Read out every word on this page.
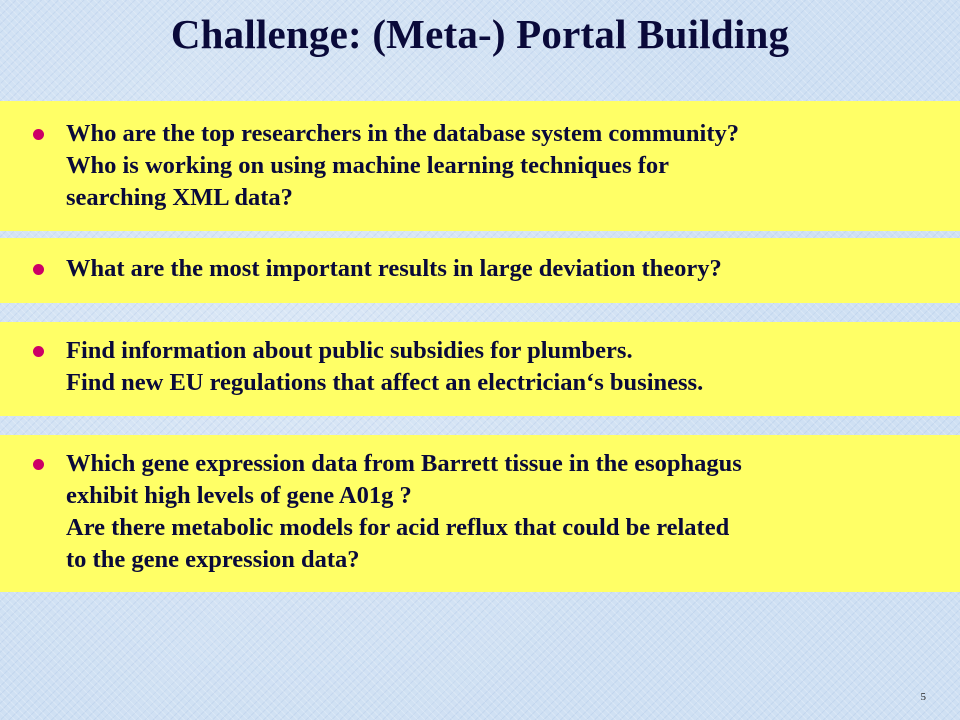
Challenge: (Meta-) Portal Building
Who are the top researchers in the database system community?
Who is working on using machine learning techniques for
searching XML data?
What are the most important results in large deviation theory?
Find information about public subsidies for plumbers.
Find new EU regulations that affect an electrician‘s business.
Which gene expression data from Barrett tissue in the esophagus
exhibit high levels of gene A01g ?
Are there metabolic models for acid reflux that could be related
to the gene expression data?
5
